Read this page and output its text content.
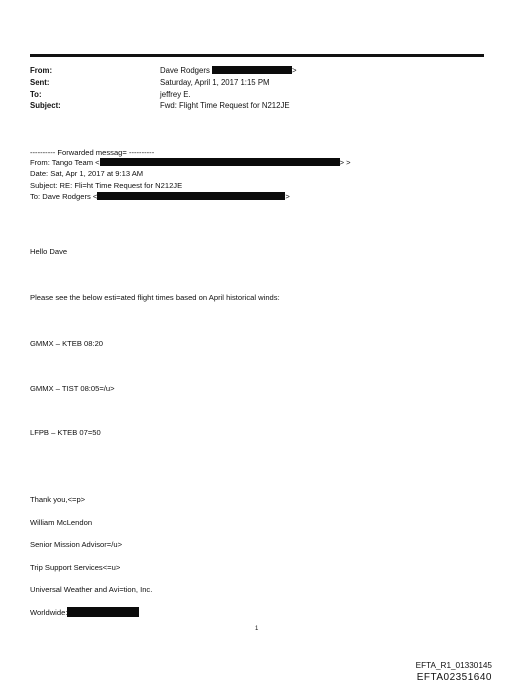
From:	Dave Rodgers	>
Sent:	Saturday, April 1, 2017 1:15 PM
To:	jeffrey E.
Subject:	Fwd: Flight Time Request for N212JE
---------- Forwarded messag= ----------
From: Tango Team <	> >
Date: Sat, Apr 1, 2017 at 9:13 AM
Subject: RE: Fli=ht Time Request for N212JE
To: Dave Rodgers <	>
Hello Dave
Please see the below esti=ated flight times based on April historical winds:
GMMX – KTEB 08:20
GMMX – TIST 08:05=/u>
LFPB – KTEB 07=50
Thank you,<=p>
William McLendon
Senior Mission Advisor=/u>
Trip Support Services<=u>
Universal Weather and Avi=tion, Inc.
Worldwide:
1
EFTA_R1_01330145
EFTA02351640
